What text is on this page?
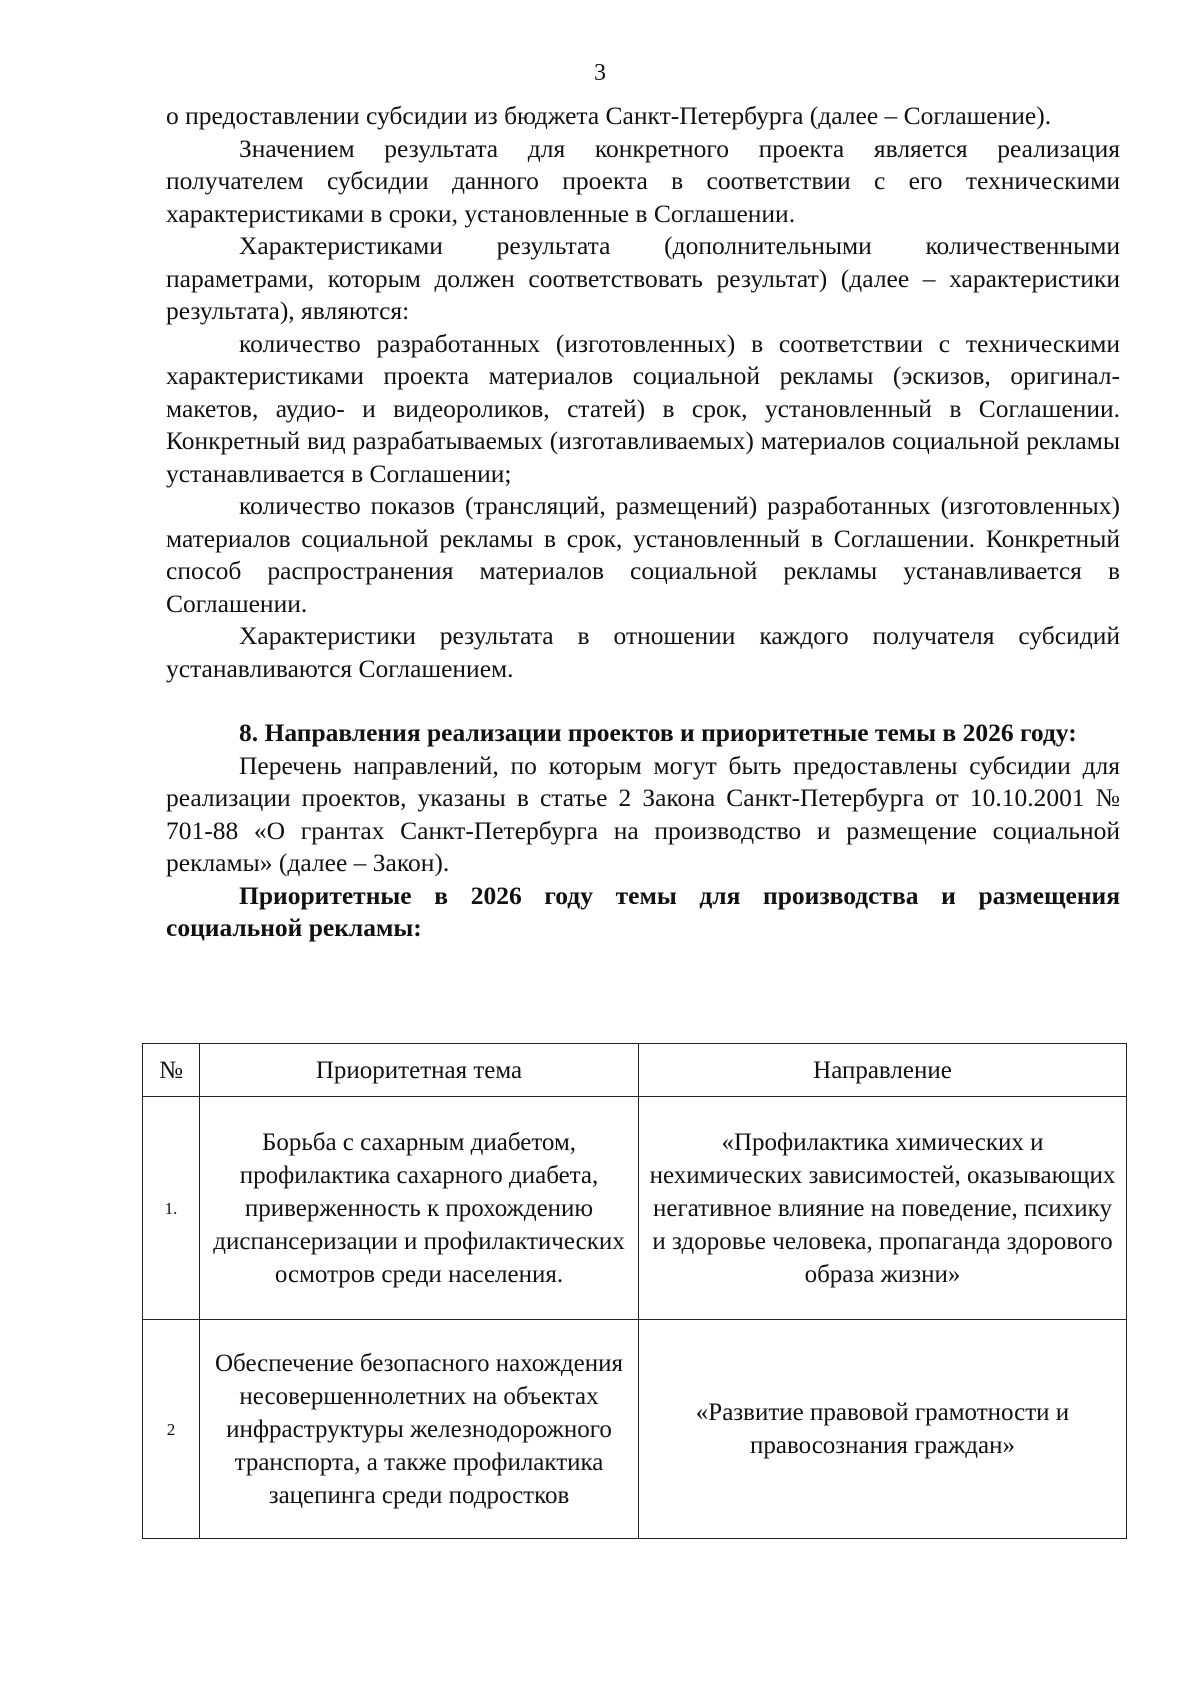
3

о предоставлении субсидии из бюджета Санкт-Петербурга (далее – Соглашение).

Значением результата для конкретного проекта является реализация получателем субсидии данного проекта в соответствии с его техническими характеристиками в сроки, установленные в Соглашении.

Характеристиками результата (дополнительными количественными параметрами, которым должен соответствовать результат) (далее – характеристики результата), являются:

количество разработанных (изготовленных) в соответствии с техническими характеристиками проекта материалов социальной рекламы (эскизов, оригинал-макетов, аудио- и видеороликов, статей) в срок, установленный в Соглашении. Конкретный вид разрабатываемых (изготавливаемых) материалов социальной рекламы устанавливается в Соглашении;

количество показов (трансляций, размещений) разработанных (изготовленных) материалов социальной рекламы в срок, установленный в Соглашении. Конкретный способ распространения материалов социальной рекламы устанавливается в Соглашении.

Характеристики результата в отношении каждого получателя субсидий устанавливаются Соглашением.

8. Направления реализации проектов и приоритетные темы в 2026 году:

Перечень направлений, по которым могут быть предоставлены субсидии для реализации проектов, указаны в статье 2 Закона Санкт-Петербурга от 10.10.2001 № 701-88 «О грантах Санкт-Петербурга на производство и размещение социальной рекламы» (далее – Закон).

Приоритетные в 2026 году темы для производства и размещения социальной рекламы:

№	Приоритетная тема	Направление
1.	Борьба с сахарным диабетом, профилактика сахарного диабета, приверженность к прохождению диспансеризации и профилактических осмотров среди населения.	«Профилактика химических и нехимических зависимостей, оказывающих негативное влияние на поведение, психику и здоровье человека, пропаганда здорового образа жизни»
2	Обеспечение безопасного нахождения несовершеннолетних на объектах инфраструктуры железнодорожного транспорта, а также профилактика зацепинга среди подростков	«Развитие правовой грамотности и правосознания граждан»
